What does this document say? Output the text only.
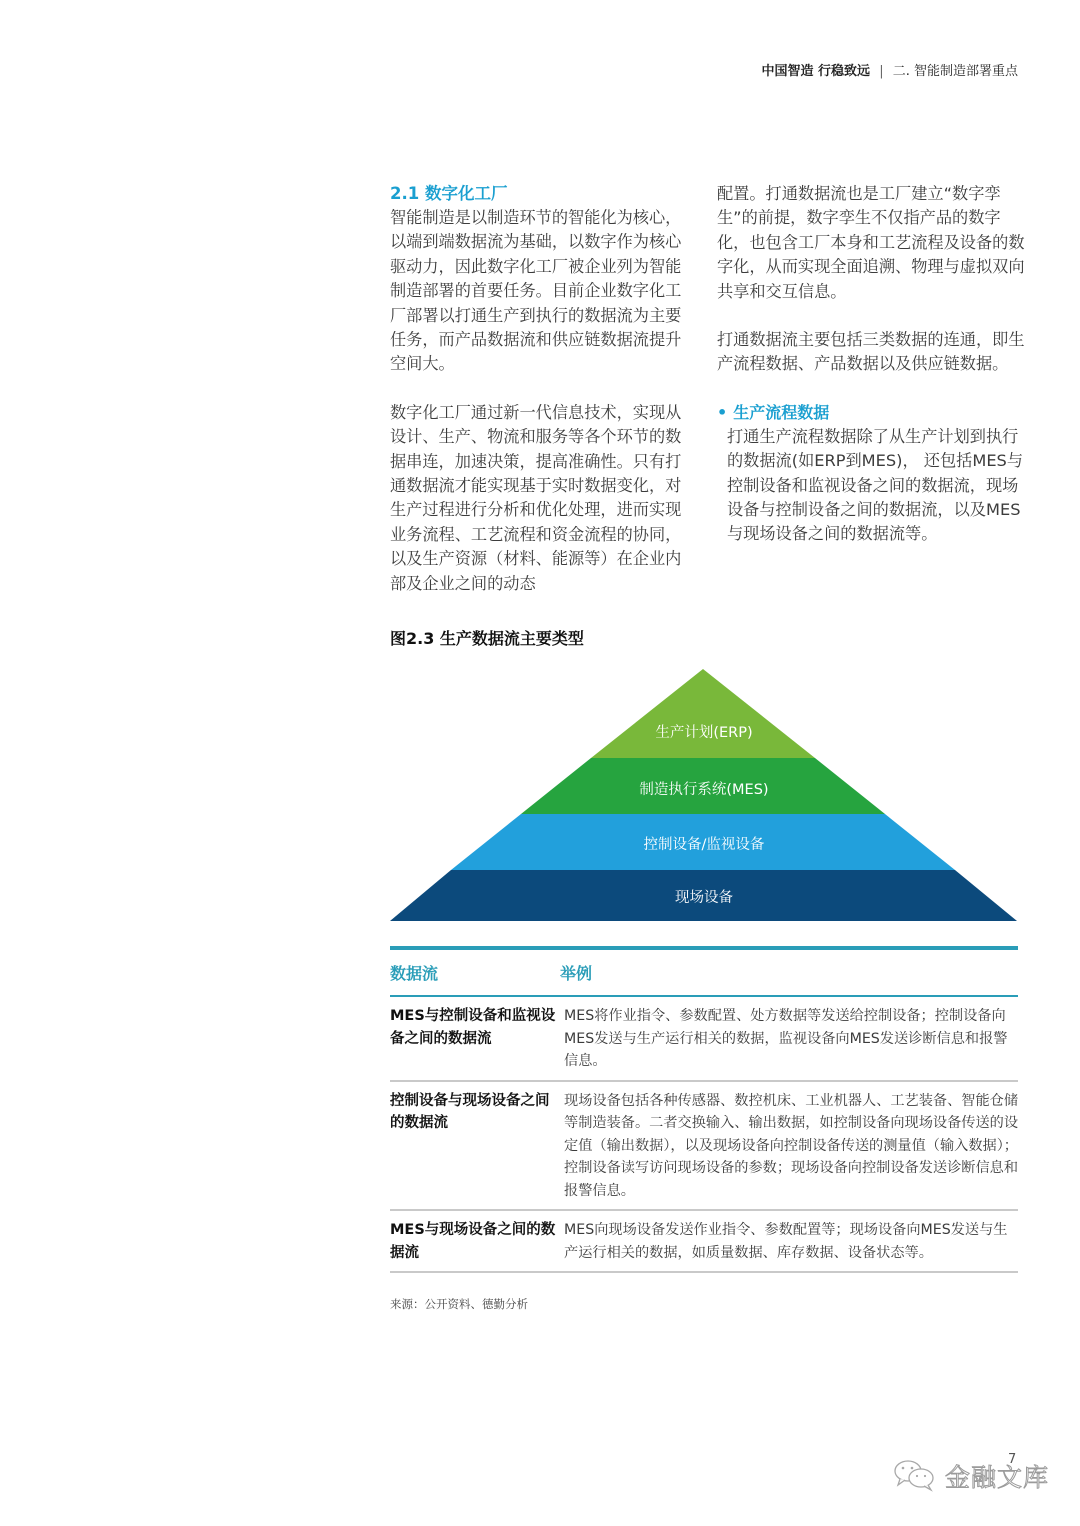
中国智造 行稳致远 | 二. 智能制造部署重点
2.1 数字化工厂

智能制造是以制造环节的智能化为核心，以端到端数据流为基础，以数字作为核心驱动力，因此数字化工厂被企业列为智能制造部署的首要任务。目前企业数字化工厂部署以打通生产到执行的数据流为主要任务，而产品数据流和供应链数据流提升空间大。

数字化工厂通过新一代信息技术，实现从设计、生产、物流和服务等各个环节的数据串连，加速决策，提高准确性。只有打通数据流才能实现基于实时数据变化，对生产过程进行分析和优化处理，进而实现业务流程、工艺流程和资金流程的协同，以及生产资源（材料、能源等）在企业内部及企业之间的动态

配置。打通数据流也是工厂建立“数字孪生”的前提，数字孪生不仅指产品的数字化，也包含工厂本身和工艺流程及设备的数字化，从而实现全面追溯、物理与虚拟双向共享和交互信息。

打通数据流主要包括三类数据的连通，即生产流程数据、产品数据以及供应链数据。

• 生产流程数据

打通生产流程数据除了从生产计划到执行的数据流(如ERP到MES)， 还包括MES与控制设备和监视设备之间的数据流，现场设备与控制设备之间的数据流，以及MES与现场设备之间的数据流等。

图2.3 生产数据流主要类型
生产计划(ERP)
制造执行系统(MES)
控制设备/监视设备
现场设备
数据流	举例
MES与控制设备和监视设备之间的数据流
MES将作业指令、参数配置、处方数据等发送给控制设备；控制设备向MES发送与生产运行相关的数据，监视设备向MES发送诊断信息和报警信息。
控制设备与现场设备之间的数据流
现场设备包括各种传感器、数控机床、工业机器人、工艺装备、智能仓储等制造装备。二者交换输入、输出数据，如控制设备向现场设备传送的设定值（输出数据），以及现场设备向控制设备传送的测量值（输入数据）；控制设备读写访问现场设备的参数；现场设备向控制设备发送诊断信息和报警信息。
MES与现场设备之间的数据流
MES向现场设备发送作业指令、参数配置等；现场设备向MES发送与生产运行相关的数据，如质量数据、库存数据、设备状态等。
来源：公开资料、德勤分析
7
金融文库
